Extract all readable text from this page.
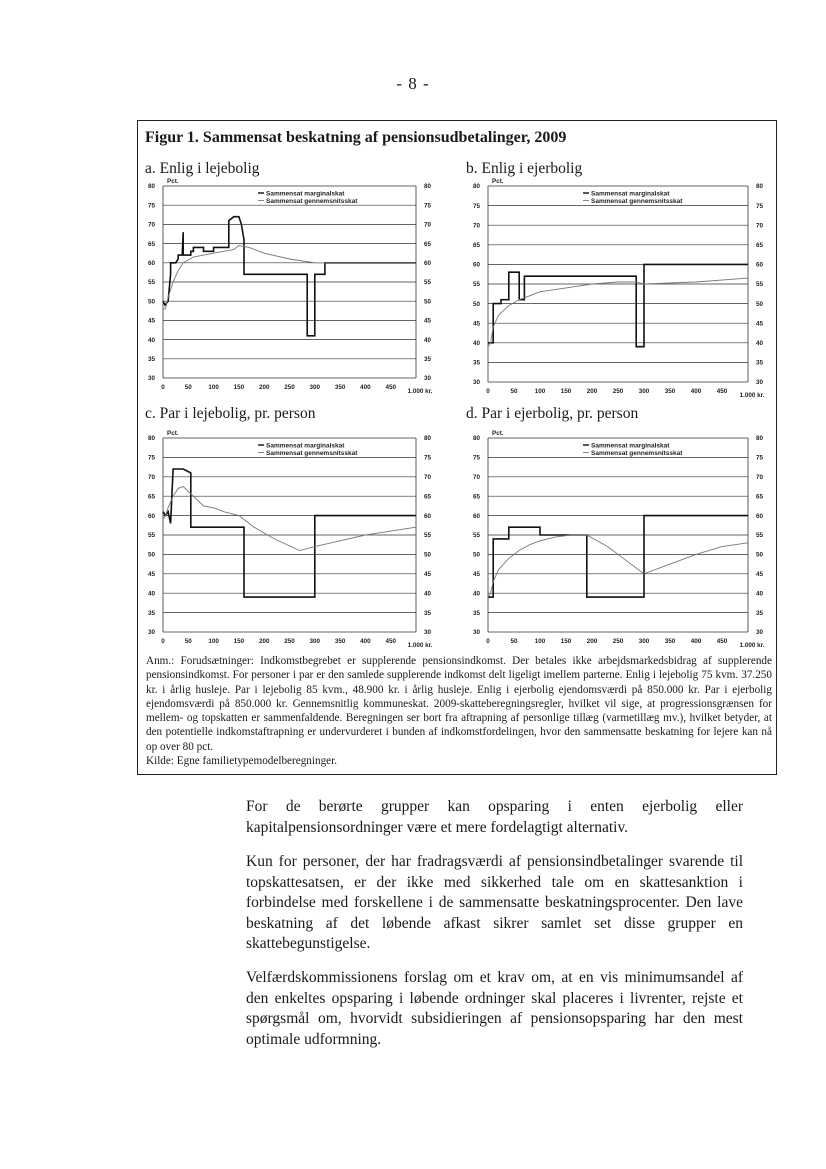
- 8 -
Figur 1. Sammensat beskatning af pensionsudbetalinger, 2009
a. Enlig i lejebolig	b. Enlig i ejerbolig
c. Par i lejebolig, pr. person	d. Par i ejerbolig, pr. person
80	80
75	75
70	70
65	65
60	60
55	55
50	50
45	45
40	40
35	35
30	30
0	50	100 150 200 250 300 350 400 450
1.000 kr.
Pct.
Sammensat marginalskat
Sammensat gennemsnitsskat
80	80
75	75
70	70
65	65
60	60
55	55
50	50
45	45
40	40
35	35
30	30
0	50	100 150 200 250 300 350 400 450
1.000 kr.
Pct.
Sammensat marginalskat
Sammensat gennemsnitsskat
80	80
75	75
70	70
65	65
60	60
55	55
50	50
45	45
40	40
35	35
30	30
0	50	100 150 200 250 300 350 400 450
1.000 kr.
Pct.
Sammensat marginalskat
Sammensat gennemsnitsskat
80	80
75	75
70	70
65	65
60	60
55	55
50	50
45	45
40	40
35	35
30	30
0	50	100 150 200 250 300 350 400 450
1.000 kr.
Pct.
Sammensat marginalskat
Sammensat gennemsnitsskat

Anm.: Forudsætninger: Indkomstbegrebet er supplerende pensionsindkomst. Der betales ikke arbejdsmarkedsbidrag af supplerende pensionsindkomst. For personer i par er den samlede supplerende indkomst delt ligeligt imellem parterne. Enlig i lejebolig 75 kvm. 37.250 kr. i årlig husleje. Par i lejebolig 85 kvm., 48.900 kr. i årlig husleje. Enlig i ejerbolig ejendomsværdi på 850.000 kr. Par i ejerbolig ejendomsværdi på 850.000 kr. Gennemsnitlig kommuneskat. 2009-skatteberegningsregler, hvilket vil sige, at progressionsgrænsen for mellem- og topskatten er sammenfaldende. Beregningen ser bort fra aftrapning af personlige tillæg (varmetillæg mv.), hvilket betyder, at den potentielle indkomstaftrapning er undervurderet i bunden af indkomstfordelingen, hvor den sammensatte beskatning for lejere kan nå op over 80 pct.

Kilde: Egne familietypemodelberegninger.

For de berørte grupper kan opsparing i enten ejerbolig eller kapitalpensionsordninger være et mere fordelagtigt alternativ.

Kun for personer, der har fradragsværdi af pensionsindbetalinger svarende til topskattesatsen, er der ikke med sikkerhed tale om en skattesanktion i forbindelse med forskellene i de sammensatte beskatningsprocenter. Den lave beskatning af det løbende afkast sikrer samlet set disse grupper en skattebegunstigelse.

Velfærdskommissionens forslag om et krav om, at en vis minimumsandel af den enkeltes opsparing i løbende ordninger skal placeres i livrenter, rejste et spørgsmål om, hvorvidt subsidieringen af pensionsopsparing har den mest optimale udformning.
